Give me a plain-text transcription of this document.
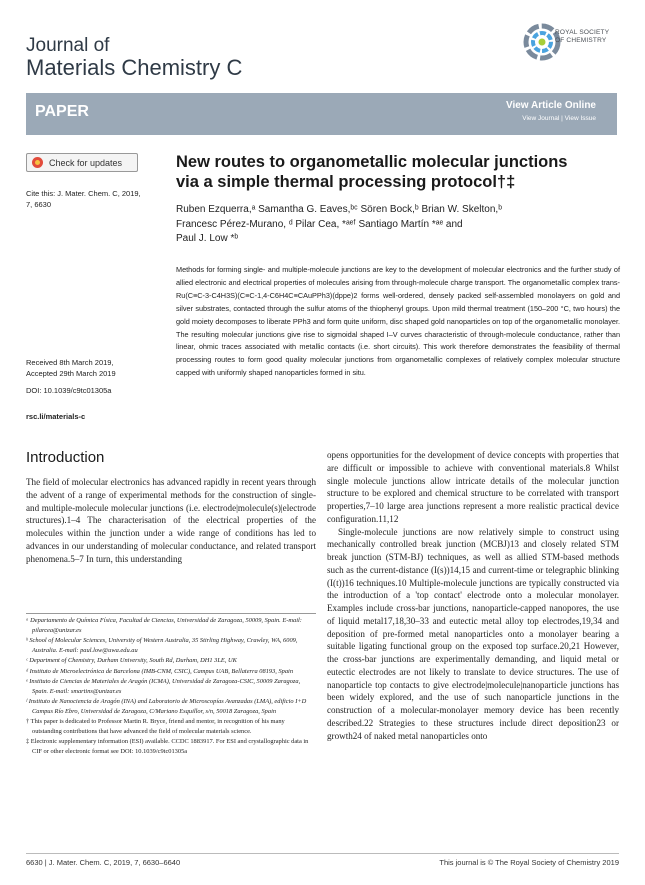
Journal of
Materials Chemistry C
ROYAL SOCIETY
OF CHEMISTRY
PAPER	View Article Online
View Journal | View Issue
Check for updates
Cite this: J. Mater. Chem. C, 2019,
7, 6630
Received 8th March 2019,
Accepted 29th March 2019
DOI: 10.1039/c9tc01305a
rsc.li/materials-c
New routes to organometallic molecular junctions
via a simple thermal processing protocol†‡
Ruben Ezquerra,ᵃ Samantha G. Eaves,ᵇᶜ Sören Bock,ᵇ Brian W. Skelton,ᵇ
Francesc Pérez-Murano, ᵈ Pilar Cea, *ᵃᵉᶠ Santiago Martín *ᵃᵉ and
Paul J. Low *ᵇ
Methods for forming single- and multiple-molecule junctions are key to the development of molecular electronics and the further study of allied electronic and electrical properties of molecules arising from through-molecule charge transport. The organometallic complex trans-Ru(C≡C-3-C4H3S)(C≡C-1,4-C6H4C≡CAuPPh3)(dppe)2 forms well-ordered, densely packed self-assembled monolayers on gold and silver substrates, contacted through the sulfur atoms of the thiophenyl groups. Upon mild thermal treatment (150–200 °C, two hours) the gold moiety decomposes to liberate PPh3 and form quite uniform, disc shaped gold nanoparticles on top of the organometallic monolayer. The resulting molecular junctions give rise to sigmoidal shaped I–V curves characteristic of through-molecule conductance, rather than linear, ohmic traces associated with metallic contacts (i.e. short circuits). This work therefore demonstrates the feasibility of thermal processing routes to form good quality molecular junctions from organometallic complexes of relatively complex molecular structure capped with uniformly shaped nanoparticles formed in situ.
Introduction

The field of molecular electronics has advanced rapidly in recent years through the advent of a range of experimental methods for the construction of single- and multiple-molecule molecular junctions (i.e. electrode|molecule(s)|electrode structures).1–4 The characterisation of the electrical properties of the molecules within the junction under a wide range of conditions has led to advances in our understanding of molecular conductance, and related transport phenomena.5–7 In turn, this understanding

opens opportunities for the development of device concepts with properties that are difficult or impossible to achieve with conventional materials.8 Whilst single molecule junctions allow intricate details of the molecular junction structure to be explored and chemical structure to be correlated with transport properties,7–10 large area junctions represent a more realistic practical device configuration.11,12

Single-molecule junctions are now relatively simple to construct using mechanically controlled break junction (MCBJ)13 and closely related STM break junction (STM-BJ) techniques, as well as allied STM-based methods such as the current-distance (I(s))14,15 and current-time or telegraphic blinking (I(t))16 techniques.10 Multiple-molecule junctions are typically constructed via the introduction of a 'top contact' electrode onto a molecular monolayer. Examples include cross-bar junctions, nanoparticle-capped nanopores, the use of liquid metal17,18,30–33 and eutectic metal alloy top electrodes,19,34 and deposition of pre-formed metal nanoparticles onto a monolayer bearing a suitable ligating functional group on the exposed top surface.20,21 However, the cross-bar junctions are experimentally demanding, and liquid metal or eutectic electrodes are not likely to translate to device structures. The use of nanoparticle top contacts to give electrode|molecule|nanoparticle junctions has been widely explored, and the use of such nanoparticle junctions in the construction of a molecular-monolayer memory device has been recently described.22 Strategies to these structures include direct deposition23 or growth24 of naked metal nanoparticles onto

ᵃ Departamento de Química Física, Facultad de Ciencias, Universidad de Zaragoza, 50009, Spain. E-mail: pilarcea@unizar.es

ᵇ School of Molecular Sciences, University of Western Australia, 35 Stirling Highway, Crawley, WA, 6009, Australia. E-mail: paul.low@uwa.edu.au

ᶜ Department of Chemistry, Durham University, South Rd, Durham, DH1 3LE, UK

ᵈ Instituto de Microelectrónica de Barcelona (IMB-CNM, CSIC), Campus UAB, Bellaterra 08193, Spain

ᵉ Instituto de Ciencias de Materiales de Aragón (ICMA), Universidad de Zaragoza-CSIC, 50009 Zaragoza, Spain. E-mail: smartins@unizar.es

ᶠ Instituto de Nanociencia de Aragón (INA) and Laboratorio de Microscopías Avanzadas (LMA), edificio I+D Campus Río Ebro, Universidad de Zaragoza, C/Mariano Esquillor, s/n, 50018 Zaragoza, Spain

† This paper is dedicated to Professor Martin R. Bryce, friend and mentor, in recognition of his many outstanding contributions that have advanced the field of molecular materials science.

‡ Electronic supplementary information (ESI) available. CCDC 1883917. For ESI and crystallographic data in CIF or other electronic format see DOI: 10.1039/c9tc01305a

6630 | J. Mater. Chem. C, 2019, 7, 6630–6640	This journal is © The Royal Society of Chemistry 2019
